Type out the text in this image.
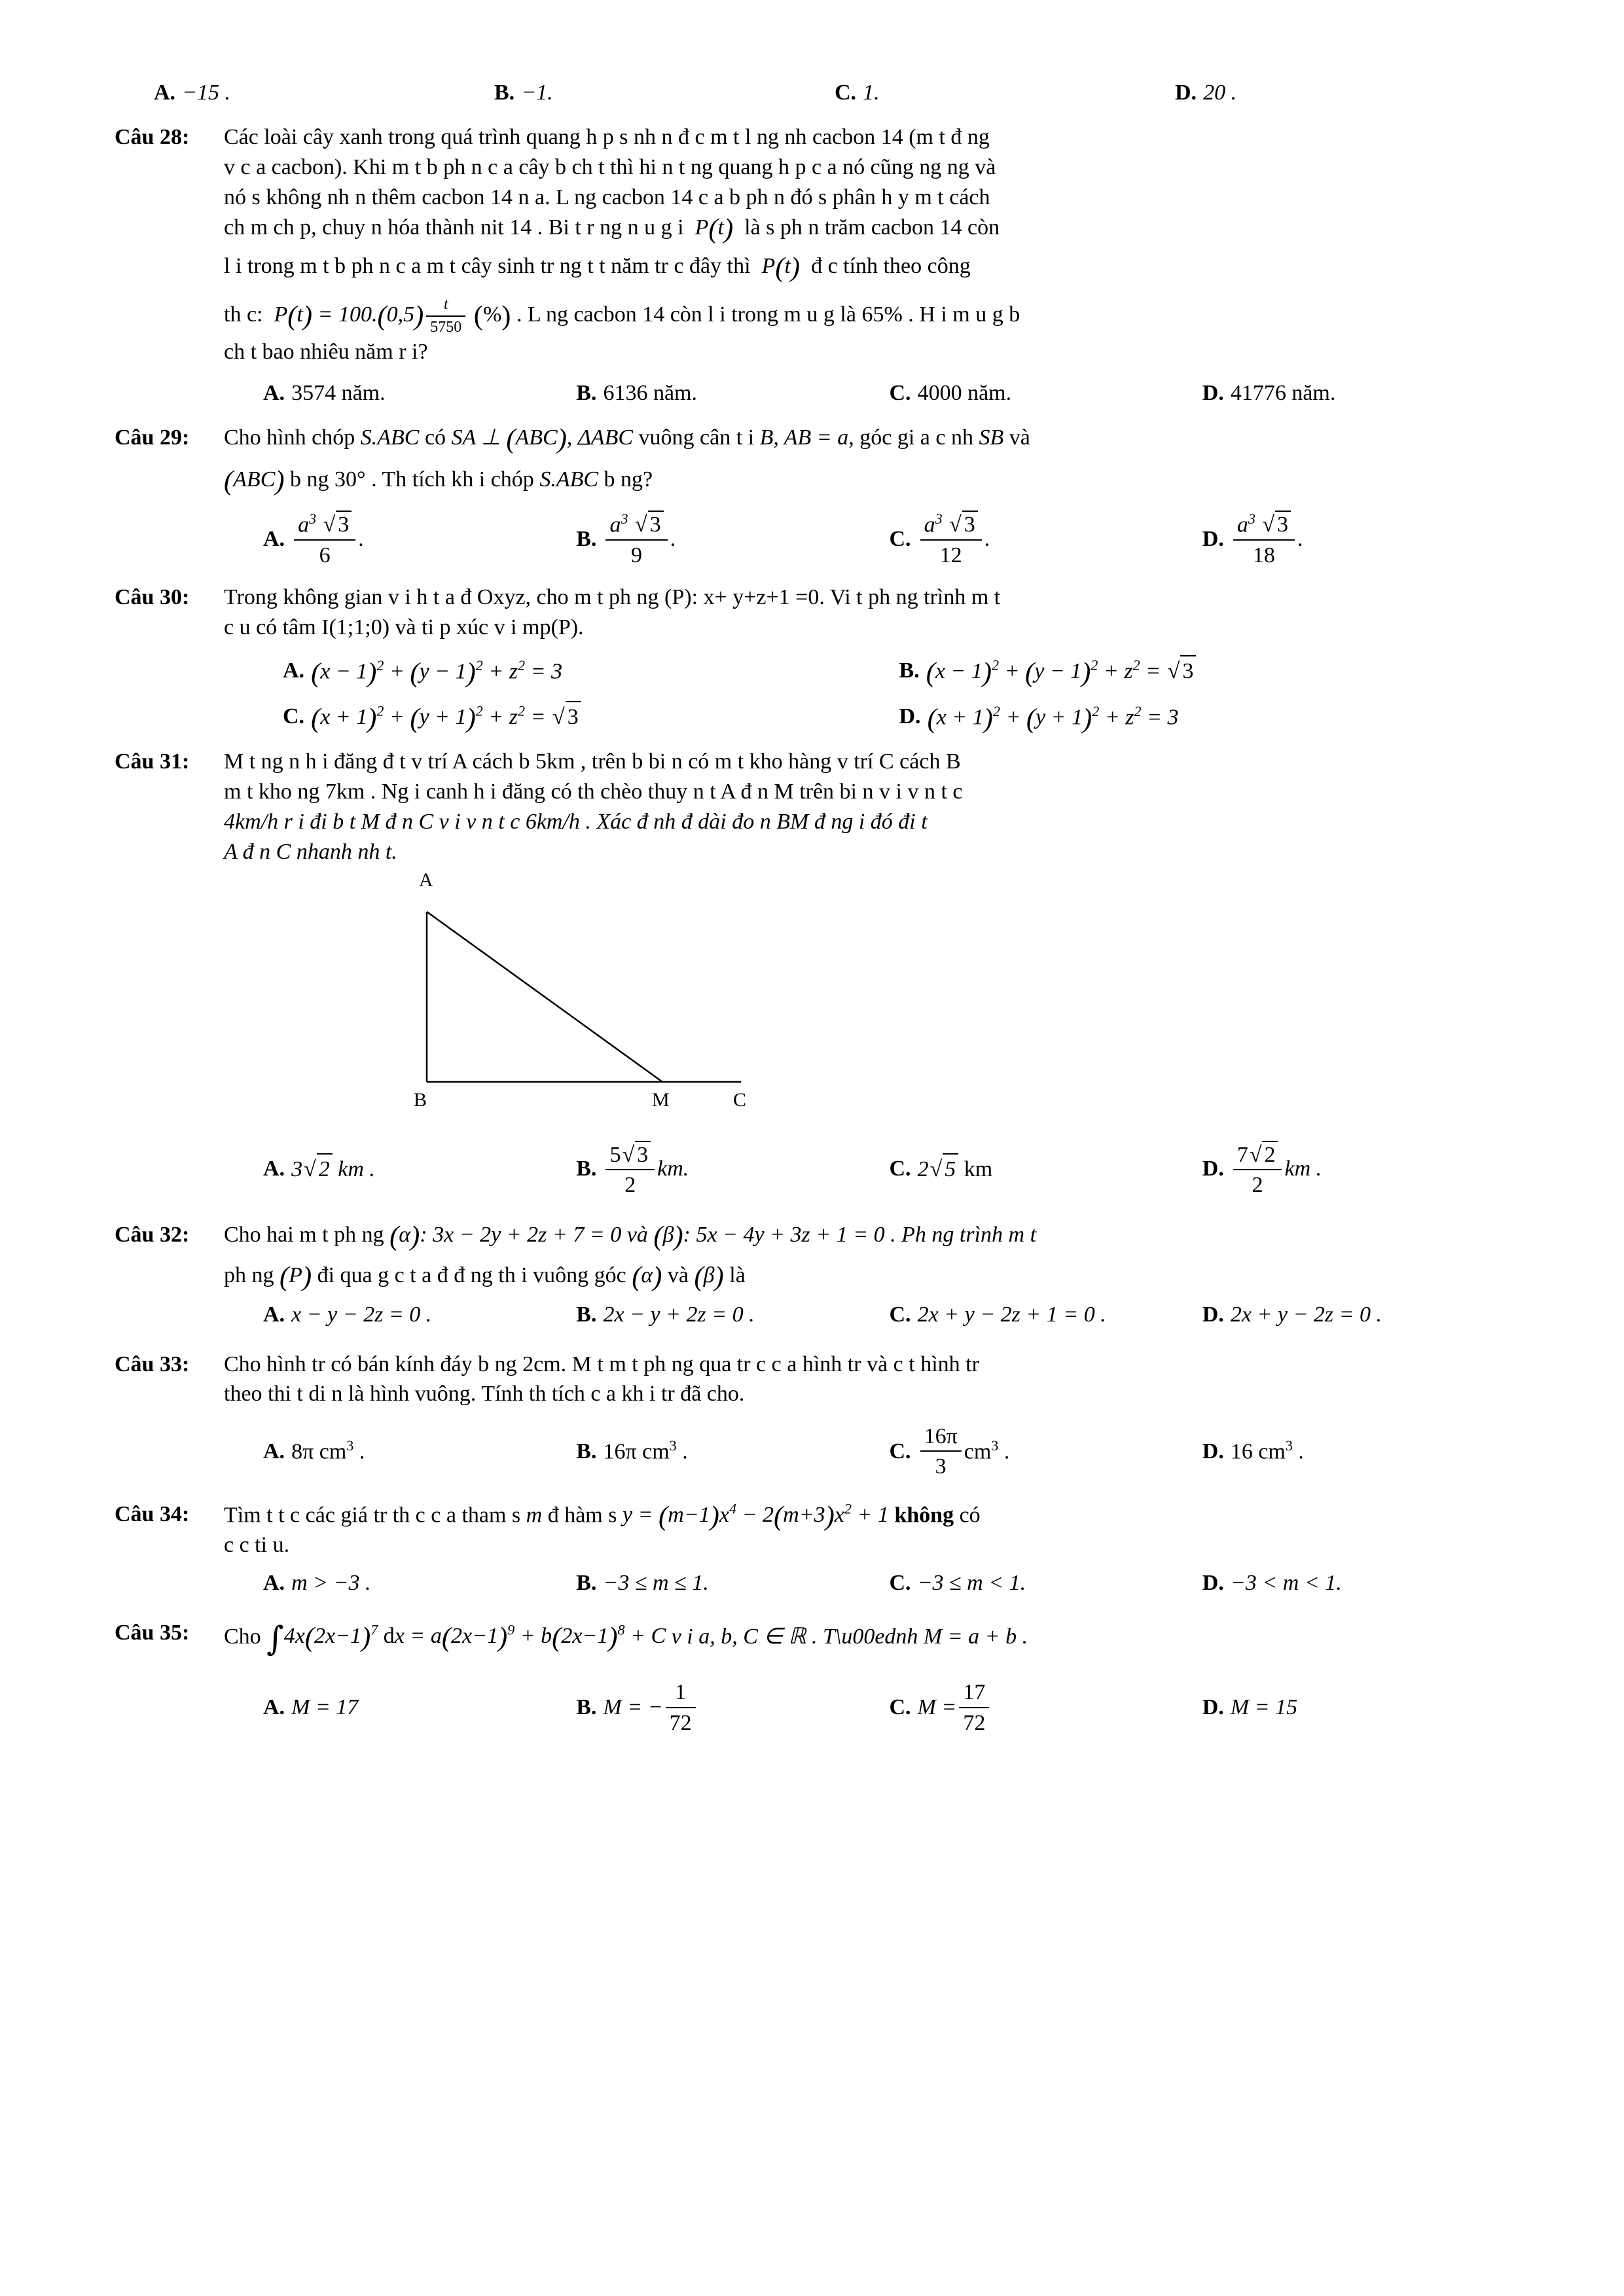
A. −15 .	B. −1.	C. 1.	D. 20 .
Câu 28:	Các loài cây xanh trong quá trình quang h p s nh n đ c m t l ng nh cacbon 14 (m t đ ng
v c a cacbon). Khi m t b ph n c a cây b ch t thì hi n t ng quang h p c a nó cũng ng ng và
nó s không nh n thêm cacbon 14 n a. L ng cacbon 14 c a b ph n đó s phân h y m t cách
ch m ch p, chuy n hóa thành nit 14 . Bi t r ng n u g i  P(t) là s ph n trăm cacbon 14 còn
l i trong m t b ph n c a m t cây sinh tr ng t t năm tr c đây thì  P(t) đ c tính theo công
th c:  $P(t) = 100.(0,5) \frac{t}{5750}$ (%) . L ng cacbon 14 còn l i trong m u g là 65% . H i m u g b
ch t bao nhiêu năm r i?
A. 3574 năm.	B. 6136 năm.	C. 4000 năm.	D. 41776 năm.
Câu 29:	Cho hình chóp S.ABC có SA ⊥ (ABC), ΔABC vuông cân t i B, AB = a, góc gi a c nh SB và
(ABC) b ng 30° . Th tích kh i chóp S.ABC b ng?
A. $\frac{a^3 √ 3}{6}$ .	B. $\frac{a^3 √ 3}{9}$ .	C. $\frac{a^3 √ 3}{12}$ .	D. $\frac{a^3 √ 3}{18}$ .
Câu 30:	Trong không gian v i h t a đ Oxyz, cho m t ph ng (P): x+ y+z+1 =0. Vi t ph ng trình m t
c u có tâm I(1;1;0) và ti p xúc v i mp(P).
A. $(x - 1)^2 + (y - 1)^2 + z^2 = 3$	B. $(x - 1)^2 + (y - 1)^2 + z^2$ = √ 3
C. $(x + 1)^2 + (y + 1)^2 + z^2$ = √ 3	D. $(x + 1)^2 + (y + 1)^2 + z^2 = 3$
Câu 31:	M t ng n h i đăng đ t v trí A cách b 5km , trên b bi n có m t kho hàng v trí C cách B
m t kho ng 7km . Ng i canh h i đăng có th chèo thuy n t A đ n M trên bi n v i v n t c
4km/h r i đi b t M đ n C v i v n t c 6km/h . Xác đ nh đ dài đo n BM đ ng i đó đi t
A đ n C nhanh nh t.
A
B	M	C
A. 3√ 2 km .	B. $\frac{5√ 3}{2}$ km.	C. 2√ 5 km	D. $\frac{7√ 2}{2}$ km .
Câu 32:	Cho hai m t ph ng (α): 3x − 2y + 2z + 7 = 0 và (β): 5x − 4y + 3z + 1 = 0 . Ph ng trình m t
ph ng (P) đi qua g c t a đ đ ng th i vuông góc (α) và (β) là
A. x − y − 2z = 0 .	B. 2x − y + 2z = 0 .	C. 2x + y − 2z + 1 = 0 .	D. 2x + y − 2z = 0 .
Câu 33:	Cho hình tr có bán kính đáy b ng 2cm. M t m t ph ng qua tr c c a hình tr và c t hình tr
theo thi t di n là hình vuông. Tính th tích c a kh i tr đã cho.
A. 8π $cm^3$ .	B. 16π $cm^3$ .	C. $\frac{16\pi}{3} cm^3$ .	D. 16 $cm^3$ .
Câu 34:	Tìm t t c các giá tr th c c a tham s m đ hàm s $y = (m-1)x^4 - 2(m+3)x^2 + 1$ không có
c c ti u.
A. m > −3 .	B. −3 ≤ m ≤ 1.	C. −3 ≤ m < 1.	D. −3 < m < 1.
Câu 35:	Cho $\int 4x(2x-1)^7$ dx = $a(2x-1)^9 + b(2x-1)^8 + C$ v i a, b, C ∈ ℝ . T\u00ednh M = a + b .
A. M = 17	B. M = − $\frac{1}{72}$	C. $M = \frac{17}{72}$	D. M = 15
